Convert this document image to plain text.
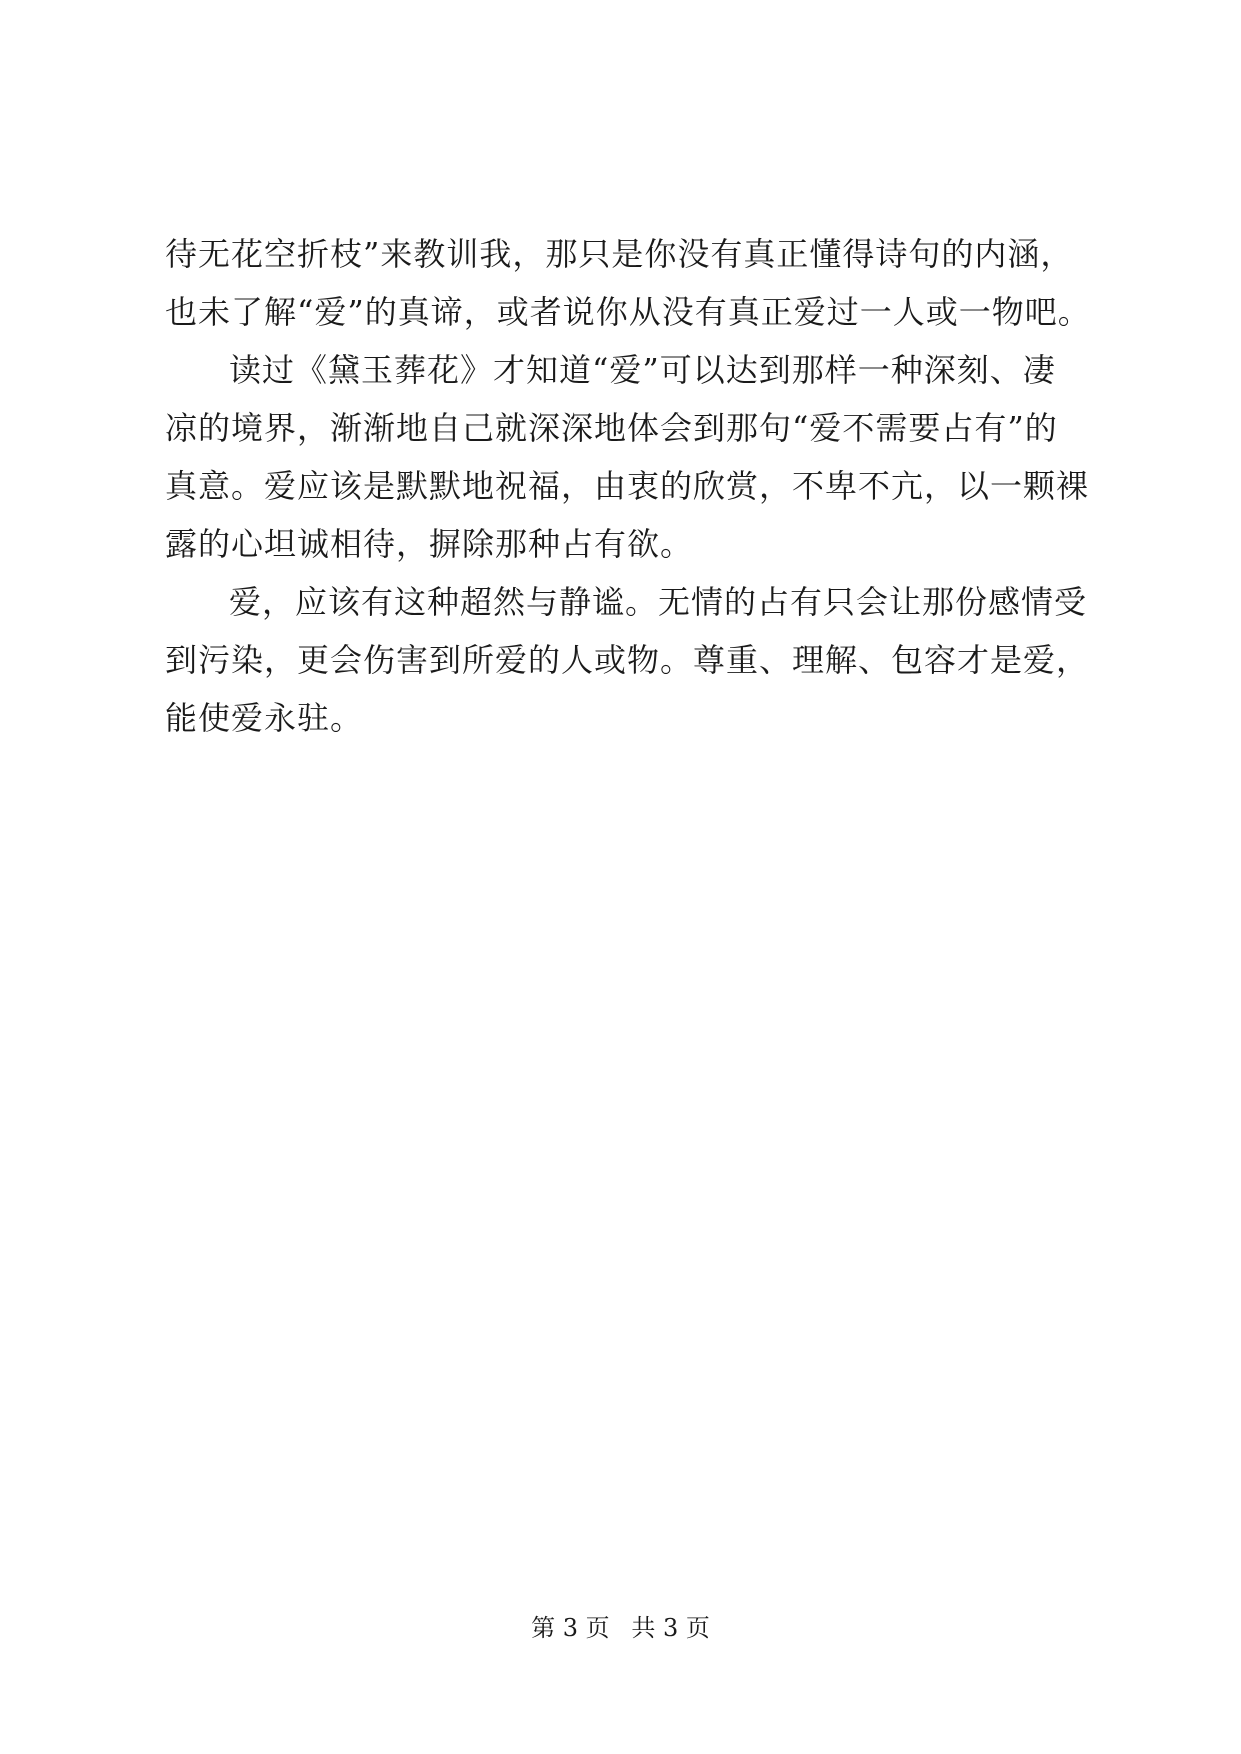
待无花空折枝”来教训我，那只是你没有真正懂得诗句的内涵，
也未了解“爱”的真谛，或者说你从没有真正爱过一人或一物吧。
读过《黛玉葬花》才知道“爱”可以达到那样一种深刻、凄
凉的境界，渐渐地自己就深深地体会到那句“爱不需要占有”的
真意。爱应该是默默地祝福，由衷的欣赏，不卑不亢，以一颗裸
露的心坦诚相待，摒除那种占有欲。
爱，应该有这种超然与静谧。无情的占有只会让那份感情受
到污染，更会伤害到所爱的人或物。尊重、理解、包容才是爱，
能使爱永驻。
第 3 页 共 3 页
